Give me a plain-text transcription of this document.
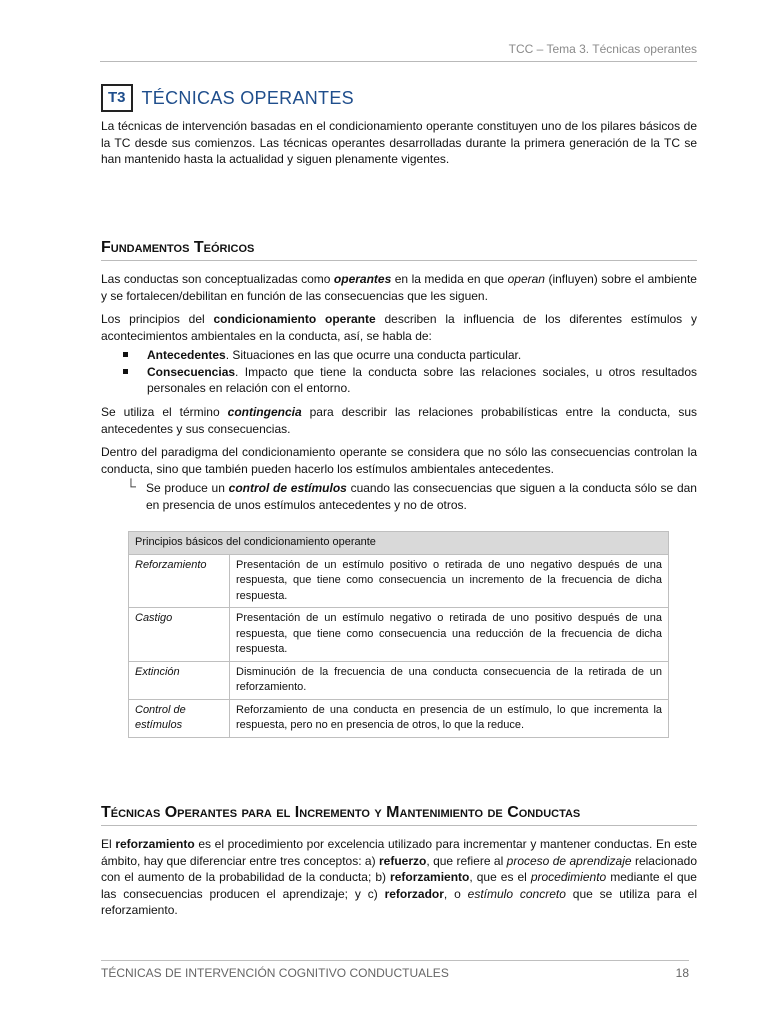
TCC – Tema 3. Técnicas operantes
T3 TÉCNICAS OPERANTES

La técnicas de intervención basadas en el condicionamiento operante constituyen uno de los pilares básicos de la TC desde sus comienzos. Las técnicas operantes desarrolladas durante la primera generación de la TC se han mantenido hasta la actualidad y siguen plenamente vigentes.

Fundamentos Teóricos

Las conductas son conceptualizadas como operantes en la medida en que operan (influyen) sobre el ambiente y se fortalecen/debilitan en función de las consecuencias que les siguen.

Los principios del condicionamiento operante describen la influencia de los diferentes estímulos y acontecimientos ambientales en la conducta, así, se habla de:

Antecedentes. Situaciones en las que ocurre una conducta particular.
Consecuencias. Impacto que tiene la conducta sobre las relaciones sociales, u otros resultados personales en relación con el entorno.

Se utiliza el término contingencia para describir las relaciones probabilísticas entre la conducta, sus antecedentes y sus consecuencias.

Dentro del paradigma del condicionamiento operante se considera que no sólo las consecuencias controlan la conducta, sino que también pueden hacerlo los estímulos ambientales antecedentes.

└ Se produce un control de estímulos cuando las consecuencias que siguen a la conducta sólo se dan en presencia de unos estímulos antecedentes y no de otros.
Principios básicos del condicionamiento operante	
Reforzamiento	Presentación de un estímulo positivo o retirada de uno negativo después de una respuesta, que tiene como consecuencia un incremento de la frecuencia de dicha respuesta.
Castigo	Presentación de un estímulo negativo o retirada de uno positivo después de una respuesta, que tiene como consecuencia una reducción de la frecuencia de dicha respuesta.
Extinción	Disminución de la frecuencia de una conducta consecuencia de la retirada de un reforzamiento.
Control de estímulos	Reforzamiento de una conducta en presencia de un estímulo, lo que incrementa la respuesta, pero no en presencia de otros, lo que la reduce.
Técnicas Operantes para el Incremento y Mantenimiento de Conductas

El reforzamiento es el procedimiento por excelencia utilizado para incrementar y mantener conductas. En este ámbito, hay que diferenciar entre tres conceptos: a) refuerzo, que refiere al proceso de aprendizaje relacionado con el aumento de la probabilidad de la conducta; b) reforzamiento, que es el procedimiento mediante el que las consecuencias producen el aprendizaje; y c) reforzador, o estímulo concreto que se utiliza para el reforzamiento.

TÉCNICAS DE INTERVENCIÓN COGNITIVO CONDUCTUALES	18
